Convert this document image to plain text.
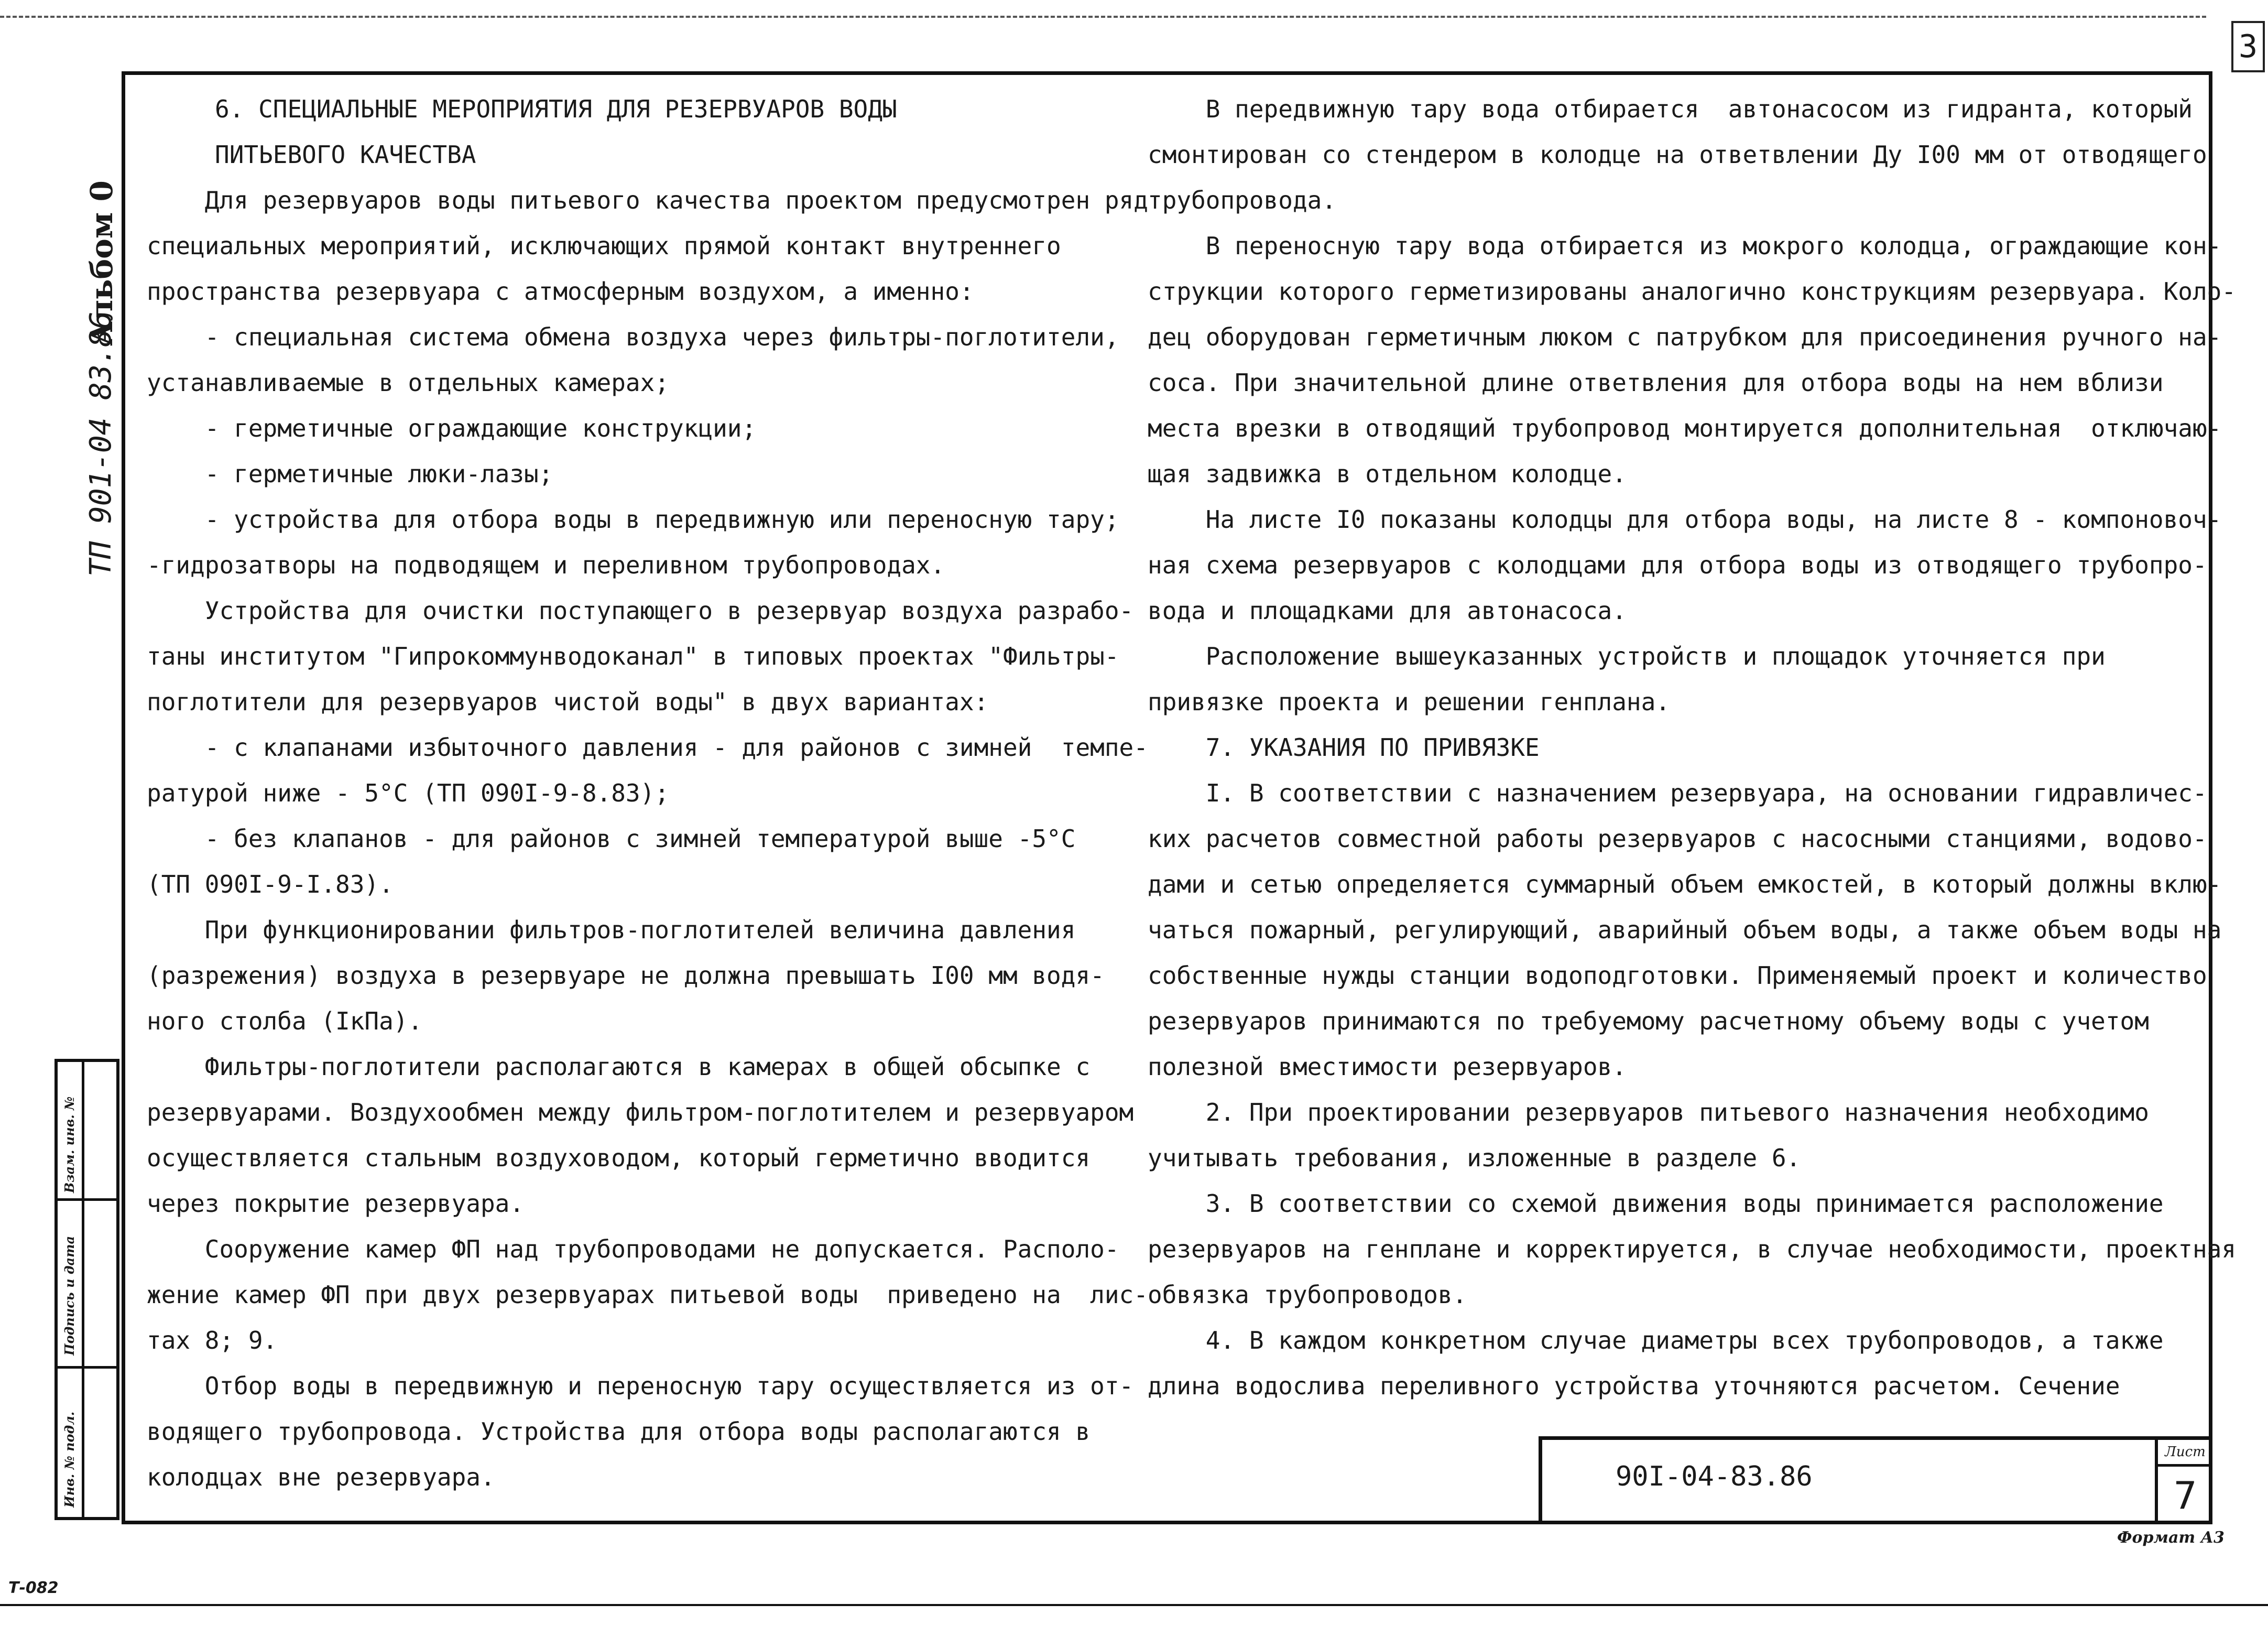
3
Альбом 0
ТП 901-04 83.86
Взам. инв. №
Подпись и дата
Инв. № подл.

6. СПЕЦИАЛЬНЫЕ МЕРОПРИЯТИЯ ДЛЯ РЕЗЕРВУАРОВ ВОДЫ

ПИТЬЕВОГО КАЧЕСТВА

Для резервуаров воды питьевого качества проектом предусмотрен ряд

специальных мероприятий, исключающих прямой контакт внутреннего

пространства резервуара с атмосферным воздухом, а именно:

- специальная система обмена воздуха через фильтры-поглотители,

устанавливаемые в отдельных камерах;

- герметичные ограждающие конструкции;

- герметичные люки-лазы;

- устройства для отбора воды в передвижную или переносную тару;

-гидрозатворы на подводящем и переливном трубопроводах.

Устройства для очистки поступающего в резервуар воздуха разрабо-

таны институтом "Гипрокоммунводоканал" в типовых проектах "Фильтры-

поглотители для резервуаров чистой воды" в двух вариантах:

- с клапанами избыточного давления - для районов с зимней  темпе-

ратурой ниже - 5°С (ТП 090I-9-8.83);

- без клапанов - для районов с зимней температурой выше -5°С

(ТП 090I-9-I.83).

При функционировании фильтров-поглотителей величина давления

(разрежения) воздуха в резервуаре не должна превышать I00 мм водя-

ного столба (IкПа).

Фильтры-поглотители располагаются в камерах в общей обсыпке с

резервуарами. Воздухообмен между фильтром-поглотителем и резервуаром

осуществляется стальным воздуховодом, который герметично вводится

через покрытие резервуара.

Сооружение камер ФП над трубопроводами не допускается. Располо-

жение камер ФП при двух резервуарах питьевой воды  приведено на  лис-

тах 8; 9.

Отбор воды в передвижную и переносную тару осуществляется из от-

водящего трубопровода. Устройства для отбора воды располагаются в

колодцах вне резервуара.

В передвижную тару вода отбирается  автонасосом из гидранта, который

смонтирован со стендером в колодце на ответвлении Ду I00 мм от отводящего

трубопровода.

В переносную тару вода отбирается из мокрого колодца, ограждающие кон-

струкции которого герметизированы аналогично конструкциям резервуара. Коло-

дец оборудован герметичным люком с патрубком для присоединения ручного на-

соса. При значительной длине ответвления для отбора воды на нем вблизи

места врезки в отводящий трубопровод монтируется дополнительная  отключаю-

щая задвижка в отдельном колодце.

На листе I0 показаны колодцы для отбора воды, на листе 8 - компоновоч-

ная схема резервуаров с колодцами для отбора воды из отводящего трубопро-

вода и площадками для автонасоса.

Расположение вышеуказанных устройств и площадок уточняется при

привязке проекта и решении генплана.

7. УКАЗАНИЯ ПО ПРИВЯЗКЕ

I. В соответствии с назначением резервуара, на основании гидравличес-

ких расчетов совместной работы резервуаров с насосными станциями, водово-

дами и сетью определяется суммарный объем емкостей, в который должны вклю-

чаться пожарный, регулирующий, аварийный объем воды, а также объем воды на

собственные нужды станции водоподготовки. Применяемый проект и количество

резервуаров принимаются по требуемому расчетному объему воды с учетом

полезной вместимости резервуаров.

2. При проектировании резервуаров питьевого назначения необходимо

учитывать требования, изложенные в разделе 6.

3. В соответствии со схемой движения воды принимается расположение

резервуаров на генплане и корректируется, в случае необходимости, проектная

обвязка трубопроводов.

4. В каждом конкретном случае диаметры всех трубопроводов, а также

длина водослива переливного устройства уточняются расчетом. Сечение

90I-04-83.86
Лист
7
Формат А3
Т-082
